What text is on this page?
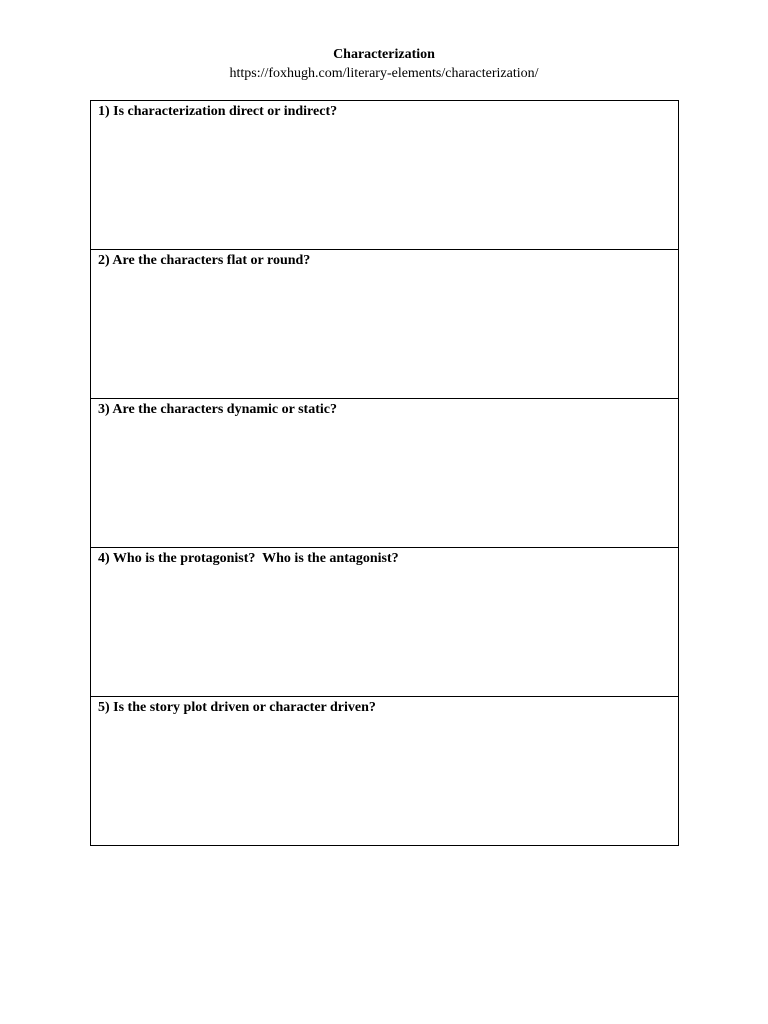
Characterization
https://foxhugh.com/literary-elements/characterization/
1) Is characterization direct or indirect?
2) Are the characters flat or round?
3) Are the characters dynamic or static?
4) Who is the protagonist?  Who is the antagonist?
5) Is the story plot driven or character driven?
